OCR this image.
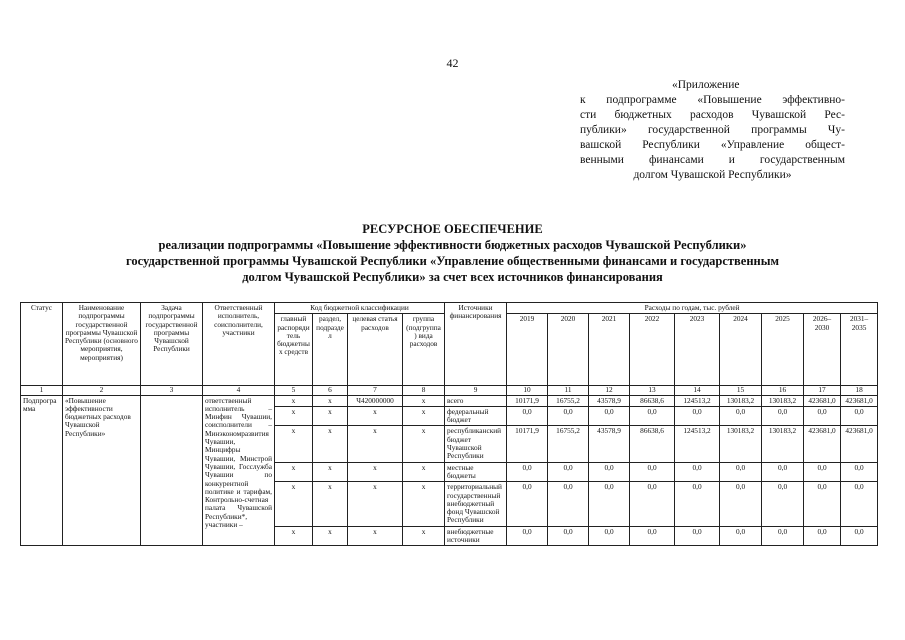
42
«Приложение
к подпрограмме «Повышение эффективно-
сти бюджетных расходов Чувашской Рес-
публики» государственной программы Чу-
вашской Республики «Управление общест-
венными финансами и государственным
долгом Чувашской Республики»
РЕСУРСНОЕ ОБЕСПЕЧЕНИЕ
реализации подпрограммы «Повышение эффективности бюджетных расходов Чувашской Республики»
государственной программы Чувашской Республики «Управление общественными финансами и государственным
долгом Чувашской Республики» за счет всех источников финансирования
Статус	Наименование подпрограммы государственной программы Чувашской Республики (основного мероприятия, мероприятия)	Задача подпрограммы государственной программы Чувашской Республики	Ответственный исполнитель, соисполнители, участники	Код бюджетной классификации				Источники финансирования	Расходы по годам, тыс. рублей								
				главный распорядитель бюджетных средств	раздел, подраздел	целевая статья расходов	группа (подгруппа) вида расходов		2019	2020	2021	2022	2023	2024	2025	2026–2030	2031–2035
1	2	3	4	5	6	7	8	9	10	11	12	13	14	15	16	17	18
Подпрограмма	«Повышение эффективности бюджетных расходов Чувашской Республики»		ответственный исполнитель – Минфин Чувашии, соисполнители – Минэкономразвития Чувашии, Минцифры Чувашии, Минстрой Чувашии, Госслужба Чувашии по конкурентной политике и тарифам, Контрольно-счетная палата Чувашской Республики*, участники –	x	x	Ч420000000	x	всего	10171,9	16755,2	43578,9	86638,6	124513,2	130183,2	130183,2	423681,0	423681,0
				x	x	x	x	федеральный бюджет	0,0	0,0	0,0	0,0	0,0	0,0	0,0	0,0	0,0
				x	x	x	x	республиканский бюджет Чувашской Республики	10171,9	16755,2	43578,9	86638,6	124513,2	130183,2	130183,2	423681,0	423681,0
				x	x	x	x	местные бюджеты	0,0	0,0	0,0	0,0	0,0	0,0	0,0	0,0	0,0
				x	x	x	x	территориальный государственный внебюджетный фонд Чувашской Республики	0,0	0,0	0,0	0,0	0,0	0,0	0,0	0,0	0,0
				x	x	x	x	внебюджетные источники	0,0	0,0	0,0	0,0	0,0	0,0	0,0	0,0	0,0
